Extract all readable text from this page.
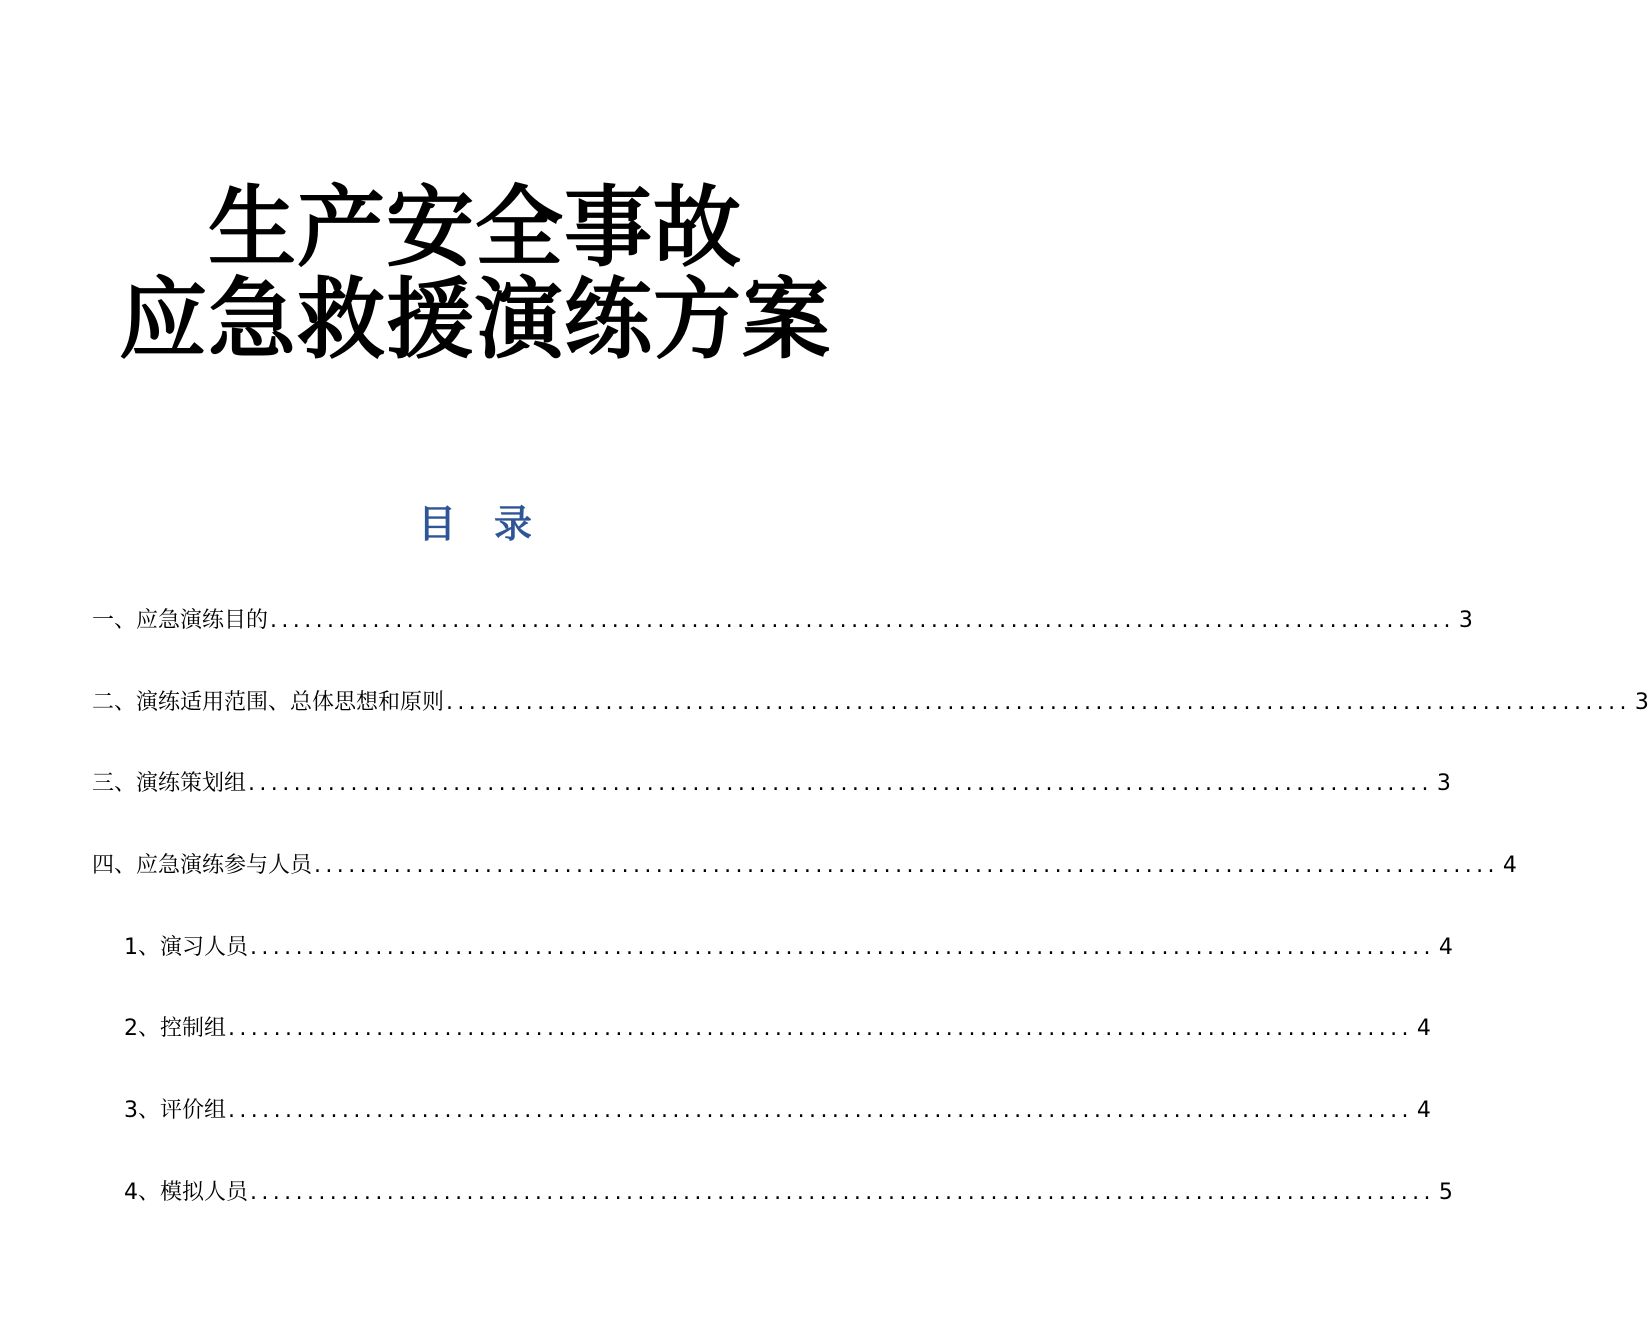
生产安全事故
应急救援演练方案
目　录
一、应急演练目的 ........................................................................................................ 3
二、演练适用范围、总体思想和原则 ........................................................................................................ 3
三、演练策划组 ........................................................................................................ 3
四、应急演练参与人员 ........................................................................................................ 4
1、演习人员 ........................................................................................................ 4
2、控制组 ........................................................................................................ 4
3、评价组 ........................................................................................................ 4
4、模拟人员 ........................................................................................................ 5
